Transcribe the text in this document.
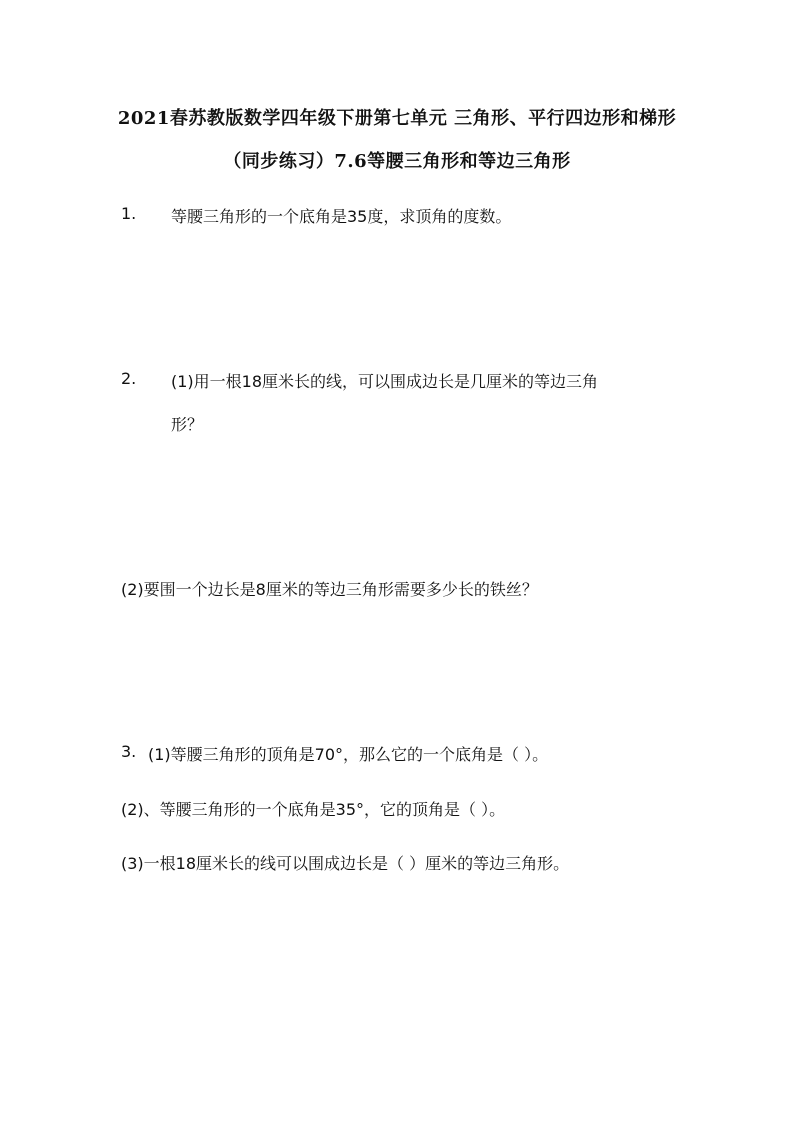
2021春苏教版数学四年级下册第七单元 三角形、平行四边形和梯形
（同步练习）7.6等腰三角形和等边三角形
1. 等腰三角形的一个底角是35度，求顶角的度数。
2. (1)用一根18厘米长的线，可以围成边长是几厘米的等边三角
形？
(2)要围一个边长是8厘米的等边三角形需要多少长的铁丝？
3. (1)等腰三角形的顶角是70°，那么它的一个底角是（ ）。
(2)、等腰三角形的一个底角是35°，它的顶角是（ ）。
(3)一根18厘米长的线可以围成边长是（ ）厘米的等边三角形。
